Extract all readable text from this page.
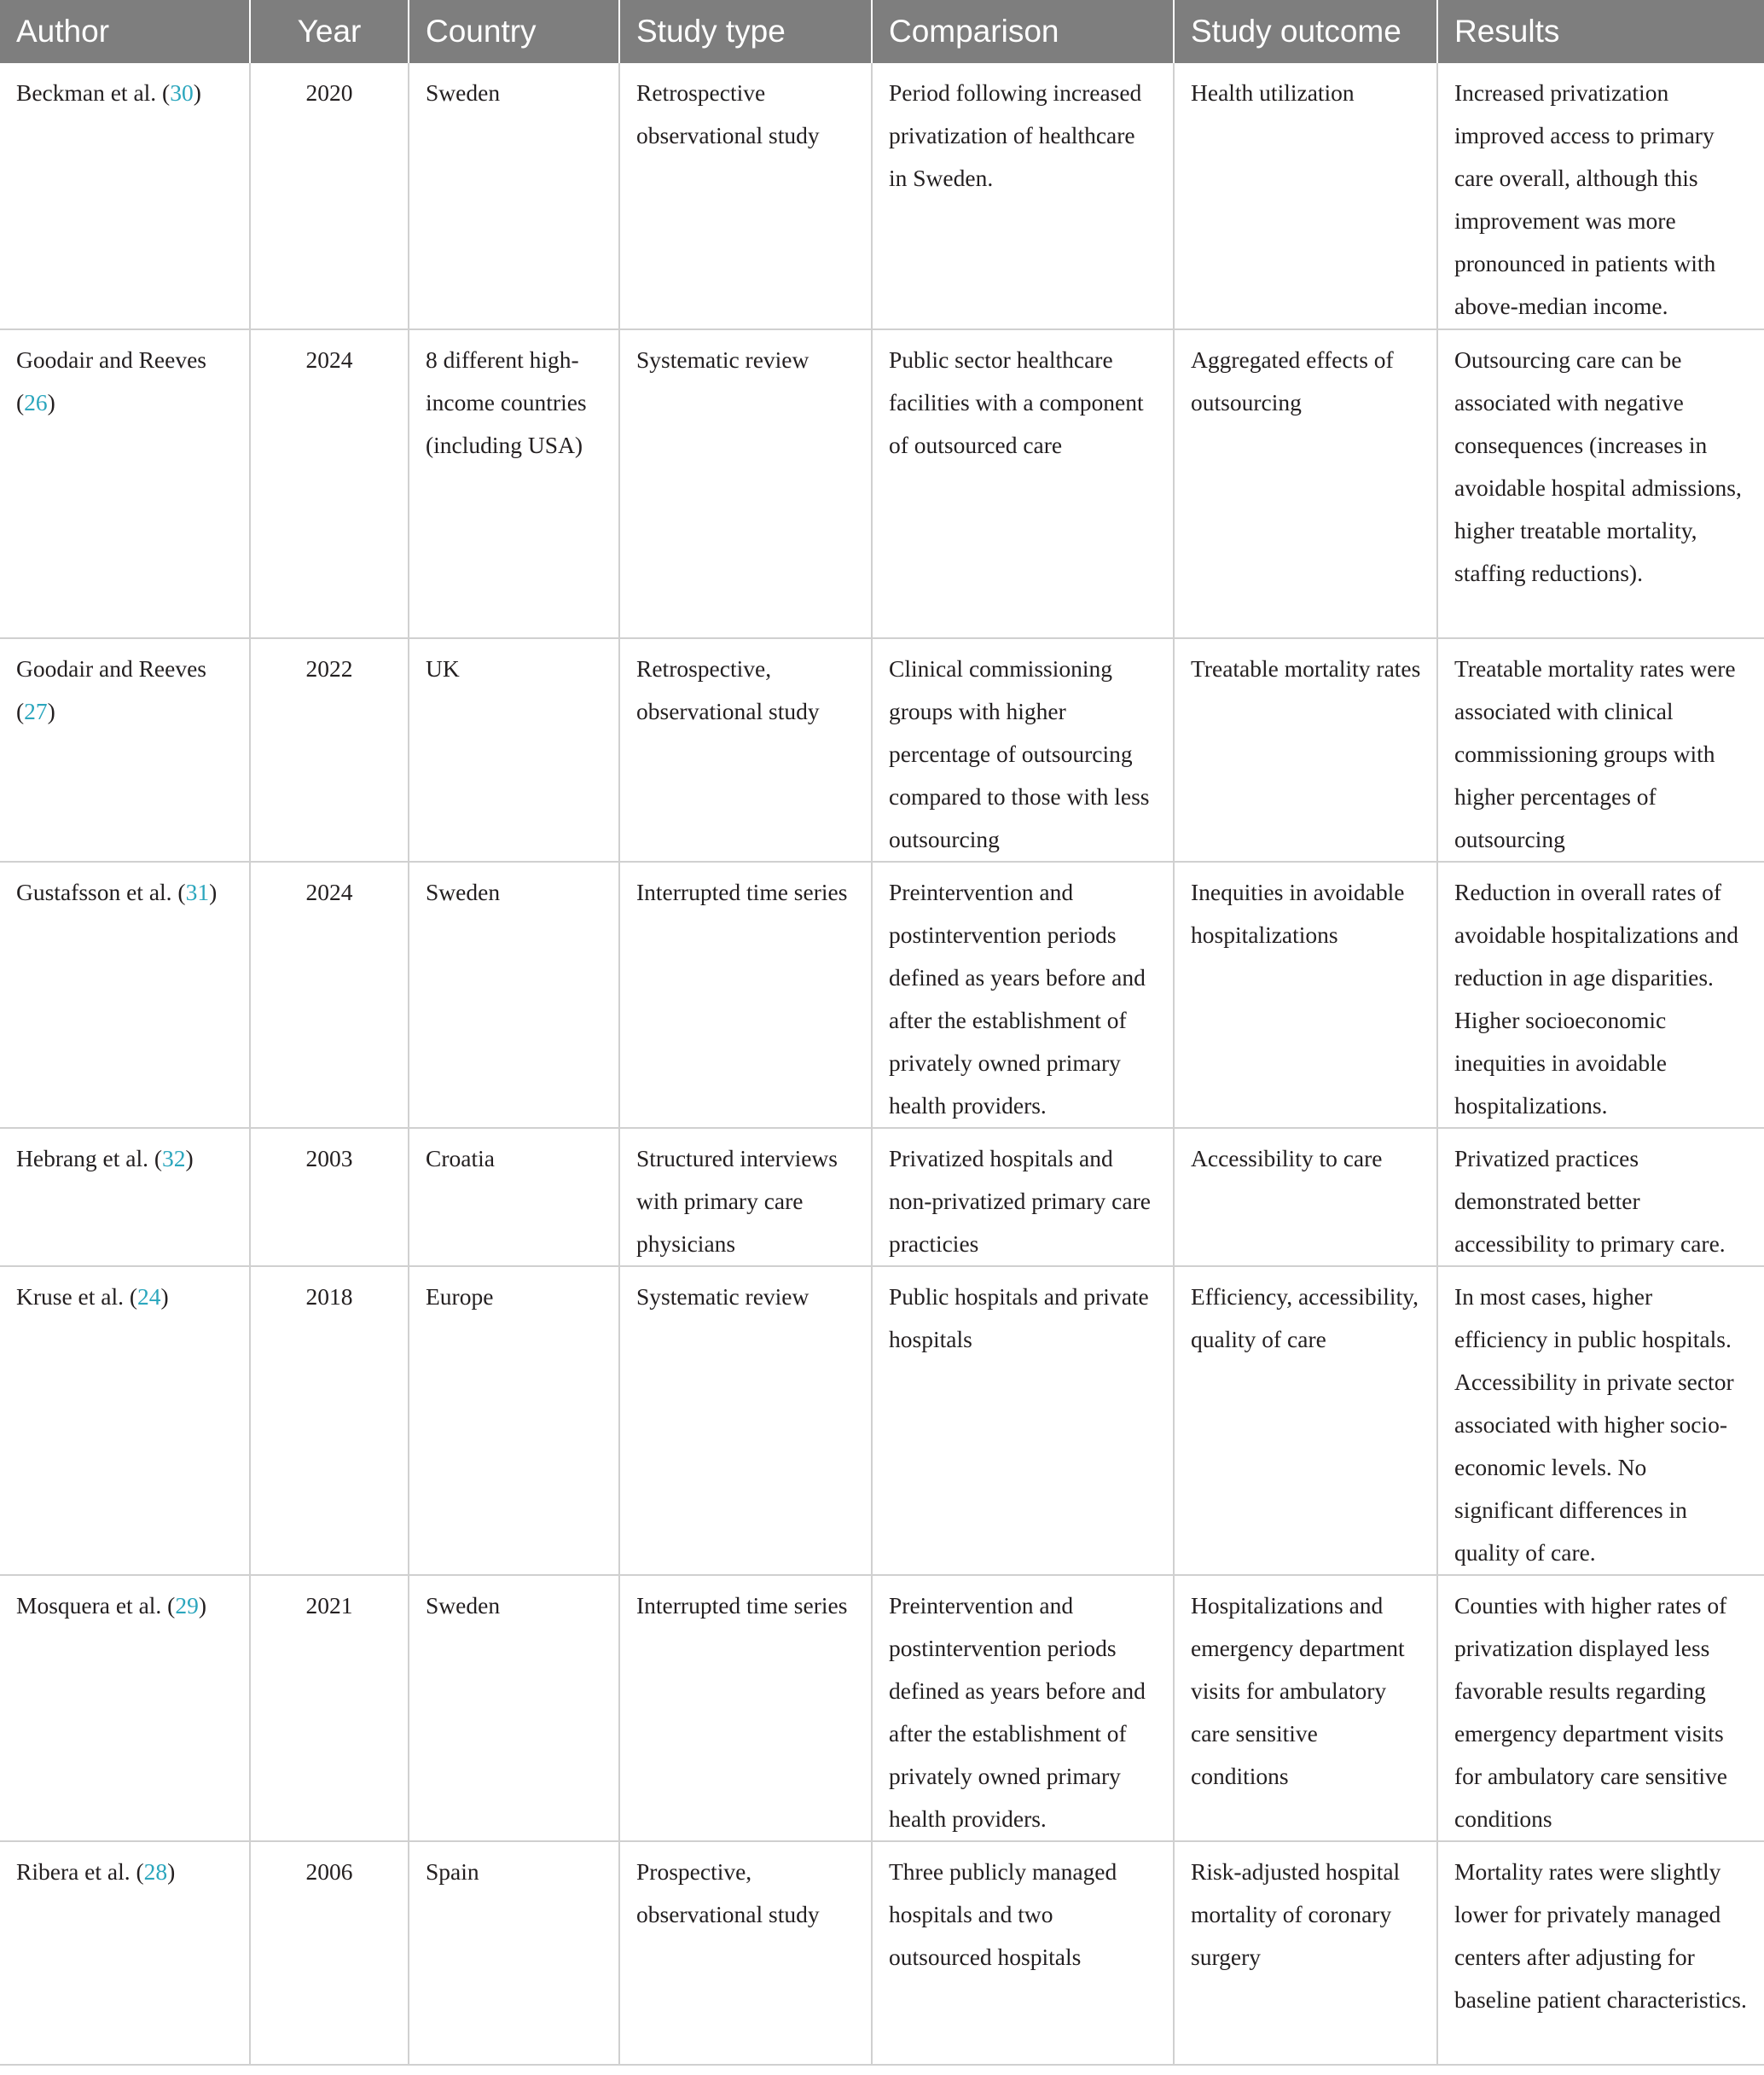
Author	Year	Country	Study type	Comparison	Study outcome	Results
Beckman et al. (30)	2020	Sweden	Retrospective observational study	Period following increased privatization of healthcare in Sweden.	Health utilization	Increased privatization improved access to primary care overall, although this improvement was more pronounced in patients with above-median income.
Goodair and Reeves (26)	2024	8 different high-income countries (including USA)	Systematic review	Public sector healthcare facilities with a component of outsourced care	Aggregated effects of outsourcing	Outsourcing care can be associated with negative consequences (increases in avoidable hospital admissions, higher treatable mortality, staffing reductions).
Goodair and Reeves (27)	2022	UK	Retrospective, observational study	Clinical commissioning groups with higher percentage of outsourcing compared to those with less outsourcing	Treatable mortality rates	Treatable mortality rates were associated with clinical commissioning groups with higher percentages of outsourcing
Gustafsson et al. (31)	2024	Sweden	Interrupted time series	Preintervention and postintervention periods defined as years before and after the establishment of privately owned primary health providers.	Inequities in avoidable hospitalizations	Reduction in overall rates of avoidable hospitalizations and reduction in age disparities. Higher socioeconomic inequities in avoidable hospitalizations.
Hebrang et al. (32)	2003	Croatia	Structured interviews with primary care physicians	Privatized hospitals and non-privatized primary care practicies	Accessibility to care	Privatized practices demonstrated better accessibility to primary care.
Kruse et al. (24)	2018	Europe	Systematic review	Public hospitals and private hospitals	Efficiency, accessibility, quality of care	In most cases, higher efficiency in public hospitals. Accessibility in private sector associated with higher socio-economic levels. No significant differences in quality of care.
Mosquera et al. (29)	2021	Sweden	Interrupted time series	Preintervention and postintervention periods defined as years before and after the establishment of privately owned primary health providers.	Hospitalizations and emergency department visits for ambulatory care sensitive conditions	Counties with higher rates of privatization displayed less favorable results regarding emergency department visits for ambulatory care sensitive conditions
Ribera et al. (28)	2006	Spain	Prospective, observational study	Three publicly managed hospitals and two outsourced hospitals	Risk-adjusted hospital mortality of coronary surgery	Mortality rates were slightly lower for privately managed centers after adjusting for baseline patient characteristics.
